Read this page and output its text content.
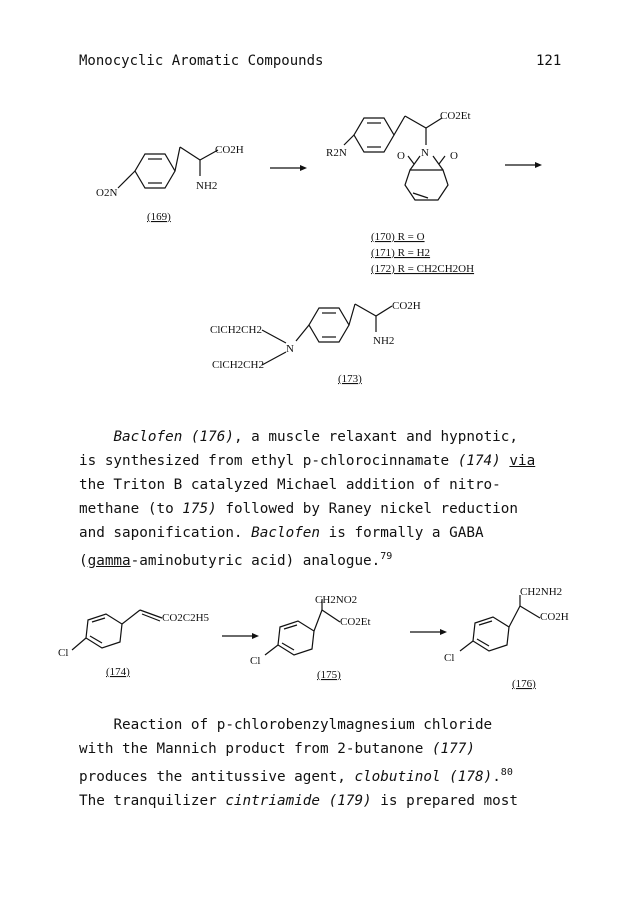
Monocyclic Aromatic Compounds	121
O2N
CO2H
NH2
(169)
R2N
CO2Et
N
O	O
(170) R = O
(171) R = H2
(172) R = CH2CH2OH
ClCH2CH2
ClCH2CH2
N
CO2H
NH2
(173)
Baclofen (176), a muscle relaxant and hypnotic,
is synthesized from ethyl p-chlorocinnamate (174) via
the Triton B catalyzed Michael addition of nitro-
methane (to 175) followed by Raney nickel reduction
and saponification. Baclofen is formally a GABA
(gamma-aminobutyric acid) analogue.$^{79}$
Cl
CO2C2H5
(174)
CH2NO2
CO2Et
Cl
(175)
CH2NH2
CO2H
Cl
(176)
Reaction of p-chlorobenzylmagnesium chloride
with the Mannich product from 2-butanone (177)
produces the antitussive agent, clobutinol (178).$^{80}$
The tranquilizer cintriamide (179) is prepared most
